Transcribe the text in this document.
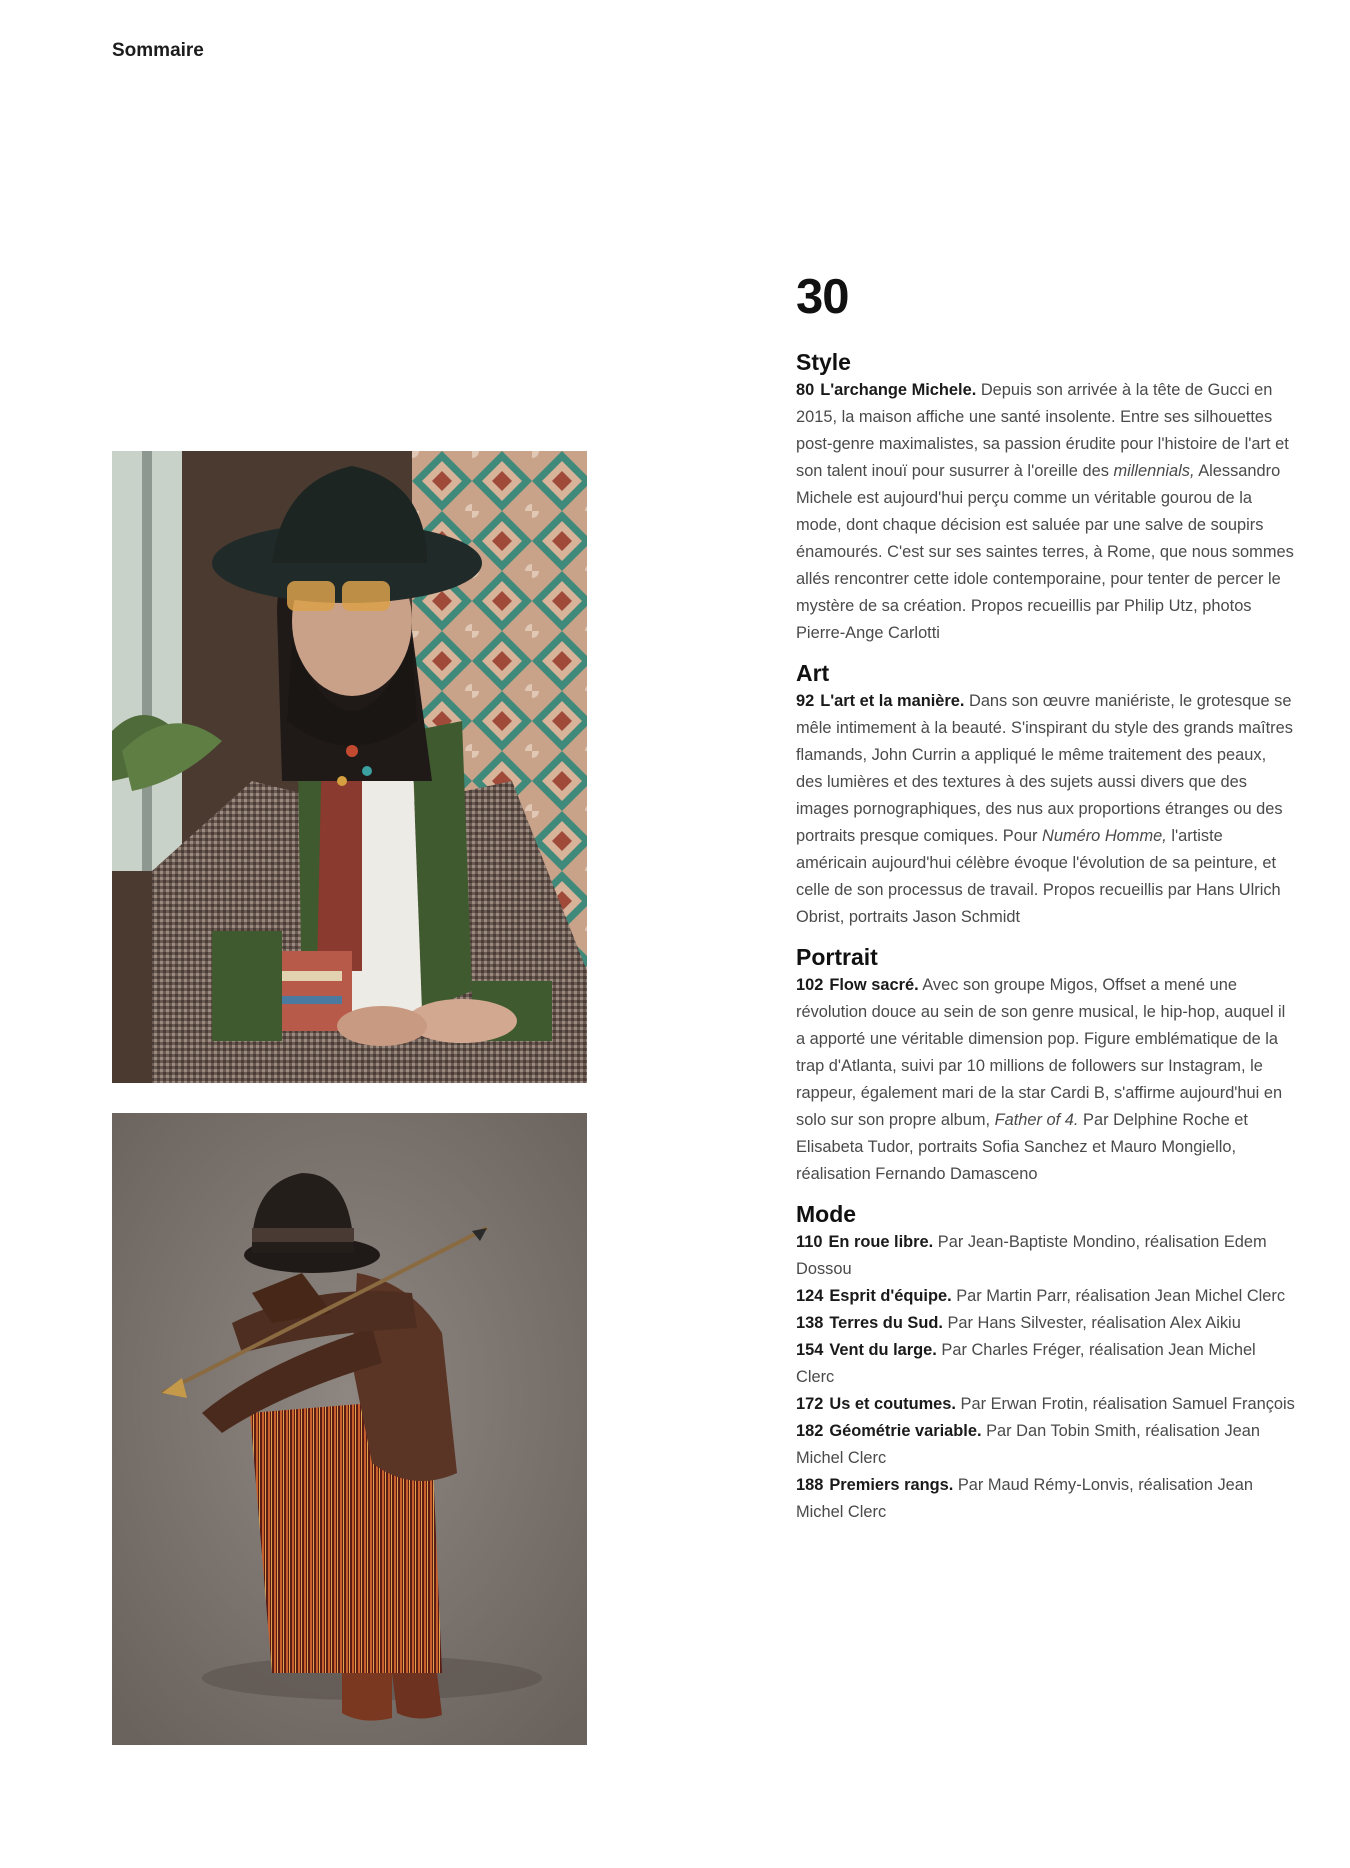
Sommaire
30
Style
80 L'archange Michele. Depuis son arrivée à la tête de Gucci en 2015, la maison affiche une santé insolente. Entre ses silhouettes post-genre maximalistes, sa passion érudite pour l'histoire de l'art et son talent inouï pour susurrer à l'oreille des millennials, Alessandro Michele est aujourd'hui perçu comme un véritable gourou de la mode, dont chaque décision est saluée par une salve de soupirs énamourés. C'est sur ses saintes terres, à Rome, que nous sommes allés rencontrer cette idole contemporaine, pour tenter de percer le mystère de sa création. Propos recueillis par Philip Utz, photos Pierre-Ange Carlotti
Art
92 L'art et la manière. Dans son œuvre maniériste, le grotesque se mêle intimement à la beauté. S'inspirant du style des grands maîtres flamands, John Currin a appliqué le même traitement des peaux, des lumières et des textures à des sujets aussi divers que des images pornographiques, des nus aux proportions étranges ou des portraits presque comiques. Pour Numéro Homme, l'artiste américain aujourd'hui célèbre évoque l'évolution de sa peinture, et celle de son processus de travail. Propos recueillis par Hans Ulrich Obrist, portraits Jason Schmidt
Portrait
102 Flow sacré. Avec son groupe Migos, Offset a mené une révolution douce au sein de son genre musical, le hip-hop, auquel il a apporté une véritable dimension pop. Figure emblématique de la trap d'Atlanta, suivi par 10 millions de followers sur Instagram, le rappeur, également mari de la star Cardi B, s'affirme aujourd'hui en solo sur son propre album, Father of 4. Par Delphine Roche et Elisabeta Tudor, portraits Sofia Sanchez et Mauro Mongiello, réalisation Fernando Damasceno
Mode
110 En roue libre. Par Jean-Baptiste Mondino, réalisation Edem Dossou
124 Esprit d'équipe. Par Martin Parr, réalisation Jean Michel Clerc
138 Terres du Sud. Par Hans Silvester, réalisation Alex Aikiu
154 Vent du large. Par Charles Fréger, réalisation Jean Michel Clerc
172 Us et coutumes. Par Erwan Frotin, réalisation Samuel François
182 Géométrie variable. Par Dan Tobin Smith, réalisation Jean Michel Clerc
188 Premiers rangs. Par Maud Rémy-Lonvis, réalisation Jean Michel Clerc
